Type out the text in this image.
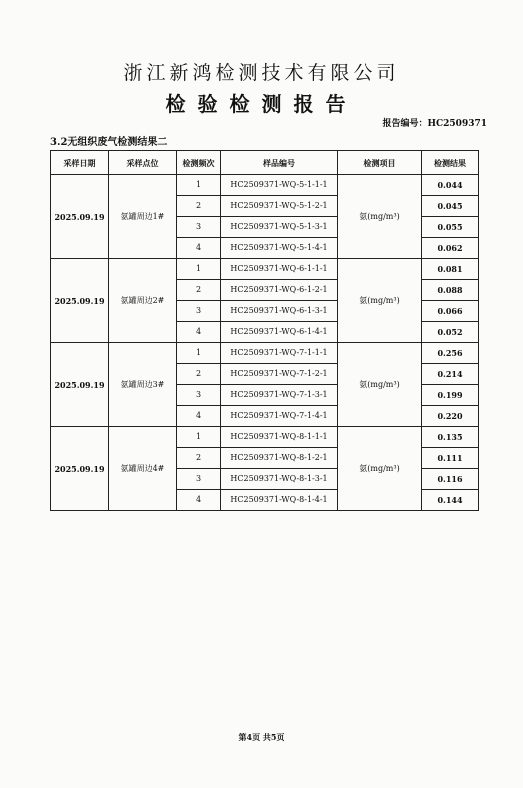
浙江新鸿检测技术有限公司
检验检测报告
报告编号：HC2509371
3.2无组织废气检测结果二
采样日期	采样点位	检测频次	样品编号	检测项目	检测结果
2025.09.19	氨罐周边1#	1	HC2509371-WQ-5-1-1-1	氨(mg/m³)	0.044
		2	HC2509371-WQ-5-1-2-1		0.045
		3	HC2509371-WQ-5-1-3-1		0.055
		4	HC2509371-WQ-5-1-4-1		0.062
2025.09.19	氨罐周边2#	1	HC2509371-WQ-6-1-1-1	氨(mg/m³)	0.081
		2	HC2509371-WQ-6-1-2-1		0.088
		3	HC2509371-WQ-6-1-3-1		0.066
		4	HC2509371-WQ-6-1-4-1		0.052
2025.09.19	氨罐周边3#	1	HC2509371-WQ-7-1-1-1	氨(mg/m³)	0.256
		2	HC2509371-WQ-7-1-2-1		0.214
		3	HC2509371-WQ-7-1-3-1		0.199
		4	HC2509371-WQ-7-1-4-1		0.220
2025.09.19	氨罐周边4#	1	HC2509371-WQ-8-1-1-1	氨(mg/m³)	0.135
		2	HC2509371-WQ-8-1-2-1		0.111
		3	HC2509371-WQ-8-1-3-1		0.116
		4	HC2509371-WQ-8-1-4-1		0.144
第4页 共5页
